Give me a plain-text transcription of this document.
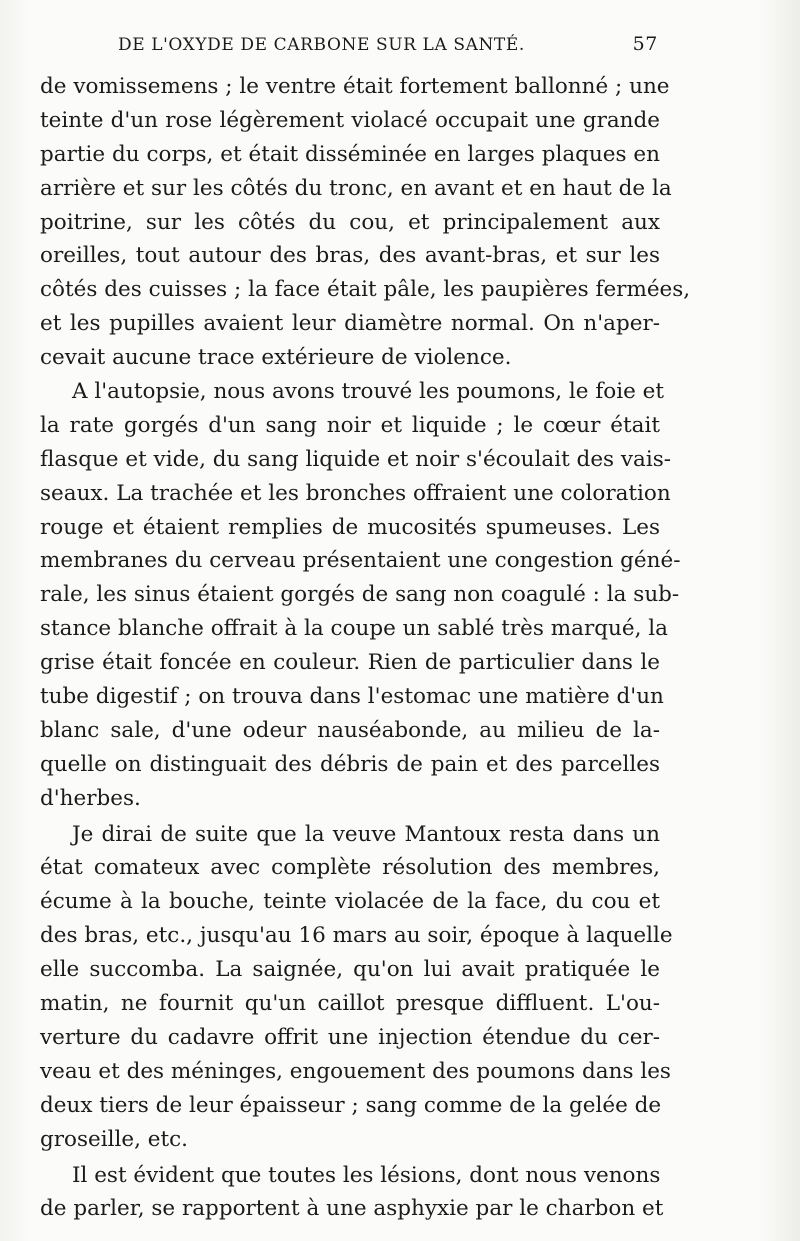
DE L'OXYDE DE CARBONE SUR LA SANTÉ.	57
de vomissemens ; le ventre était fortement ballonné ; une
teinte d'un rose légèrement violacé occupait une grande
partie du corps, et était disséminée en larges plaques en
arrière et sur les côtés du tronc, en avant et en haut de la
poitrine, sur les côtés du cou, et principalement aux
oreilles, tout autour des bras, des avant-bras, et sur les
côtés des cuisses ; la face était pâle, les paupières fermées,
et les pupilles avaient leur diamètre normal. On n'aper-
cevait aucune trace extérieure de violence.
A l'autopsie, nous avons trouvé les poumons, le foie et
la rate gorgés d'un sang noir et liquide ; le cœur était
flasque et vide, du sang liquide et noir s'écoulait des vais-
seaux. La trachée et les bronches offraient une coloration
rouge et étaient remplies de mucosités spumeuses. Les
membranes du cerveau présentaient une congestion géné-
rale, les sinus étaient gorgés de sang non coagulé : la sub-
stance blanche offrait à la coupe un sablé très marqué, la
grise était foncée en couleur. Rien de particulier dans le
tube digestif ; on trouva dans l'estomac une matière d'un
blanc sale, d'une odeur nauséabonde, au milieu de la-
quelle on distinguait des débris de pain et des parcelles
d'herbes.
Je dirai de suite que la veuve Mantoux resta dans un
état comateux avec complète résolution des membres,
écume à la bouche, teinte violacée de la face, du cou et
des bras, etc., jusqu'au 16 mars au soir, époque à laquelle
elle succomba. La saignée, qu'on lui avait pratiquée le
matin, ne fournit qu'un caillot presque diffluent. L'ou-
verture du cadavre offrit une injection étendue du cer-
veau et des méninges, engouement des poumons dans les
deux tiers de leur épaisseur ; sang comme de la gelée de
groseille, etc.
Il est évident que toutes les lésions, dont nous venons
de parler, se rapportent à une asphyxie par le charbon et
